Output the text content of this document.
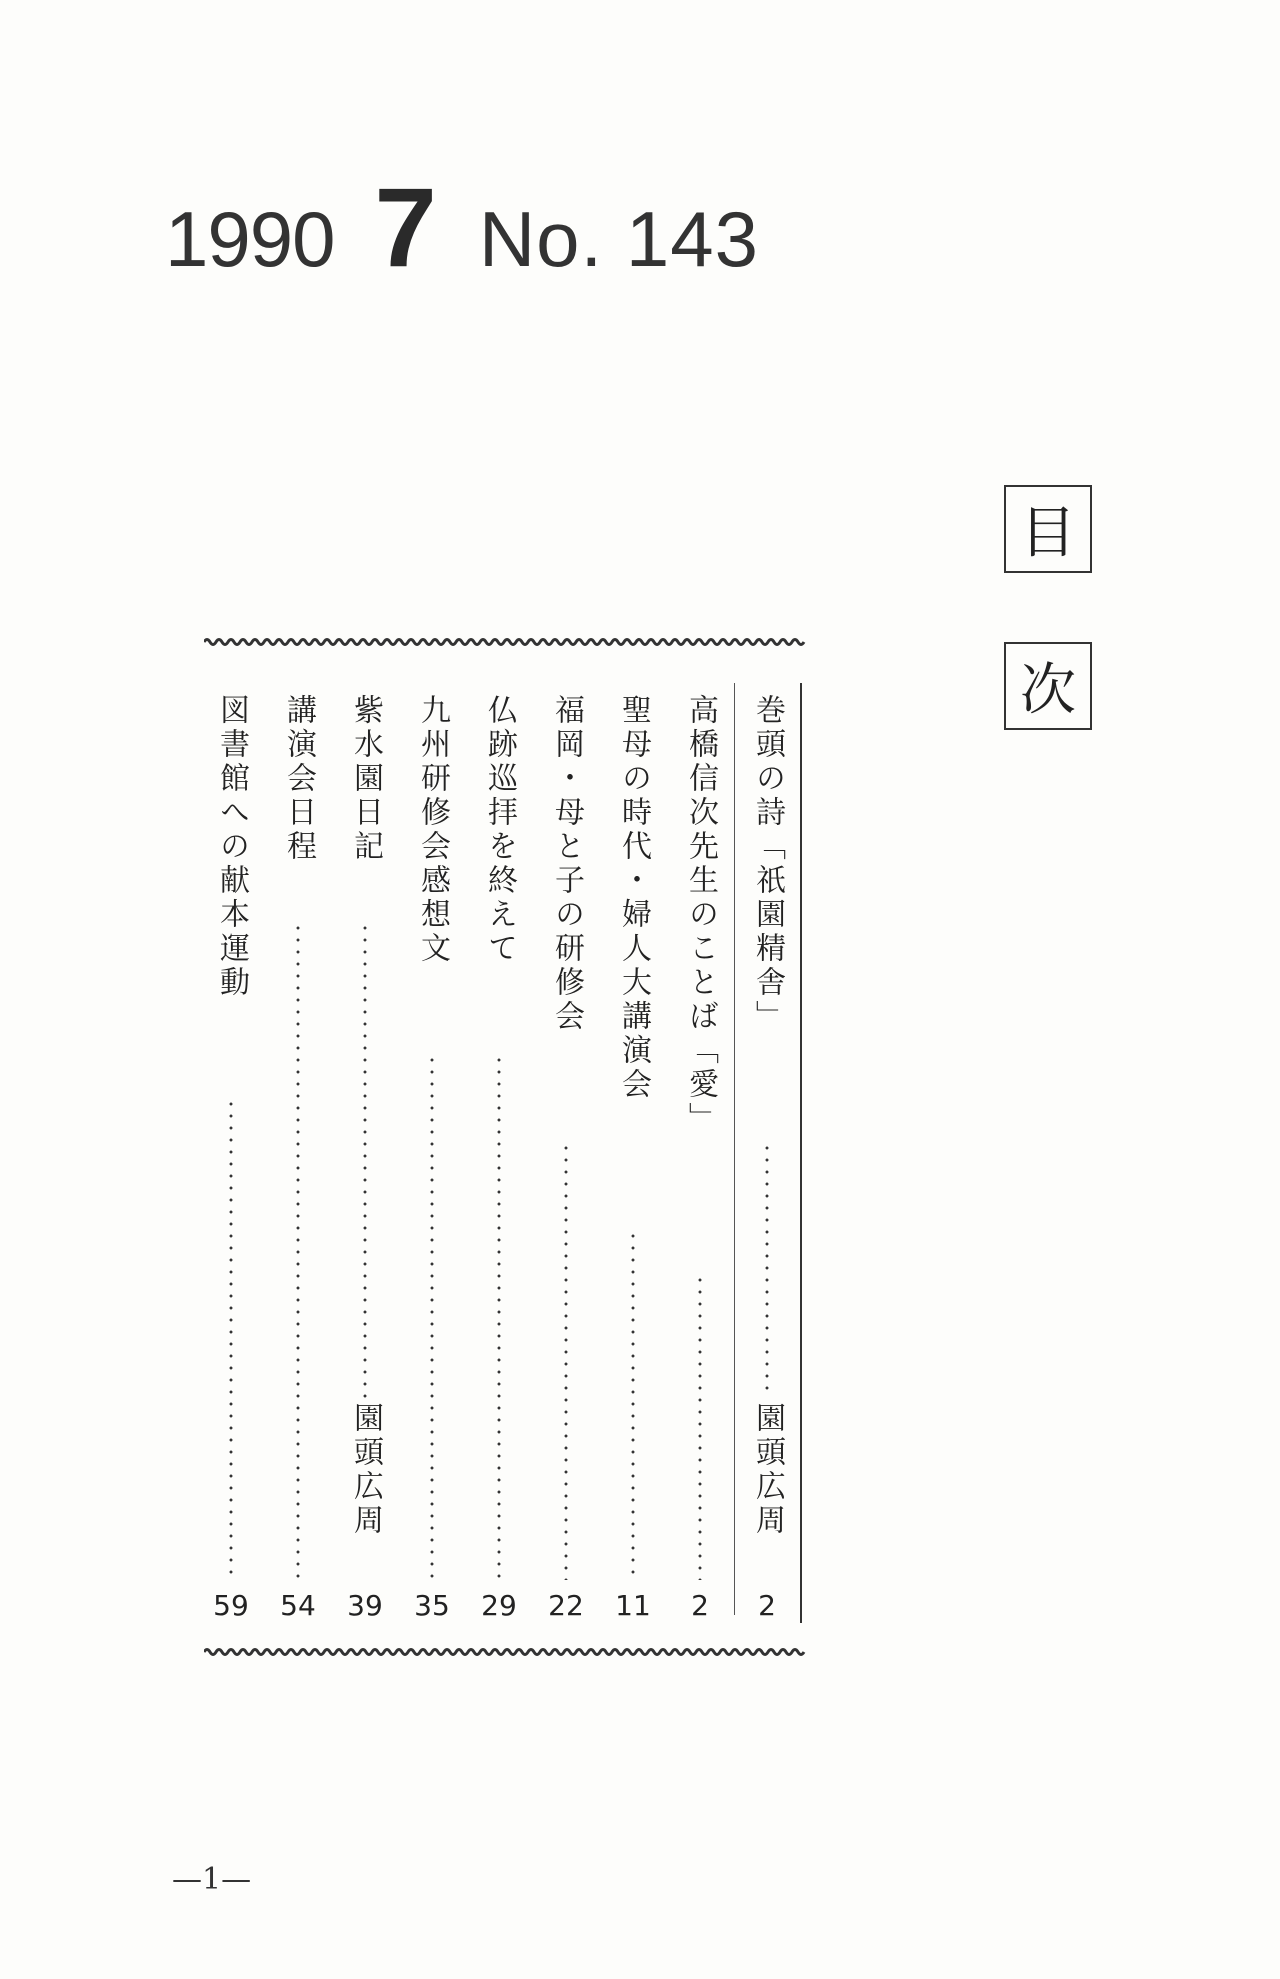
1990 7 No. 143
目
次
巻頭の詩「祇園精舎」
園頭広周
2
高橋信次先生のことば「愛」
2
聖母の時代・婦人大講演会
11
福岡・母と子の研修会
22
仏跡巡拝を終えて
29
九州研修会感想文
35
紫水園日記
園頭広周
39
講演会日程
54
図書館への献本運動
59
—1—
